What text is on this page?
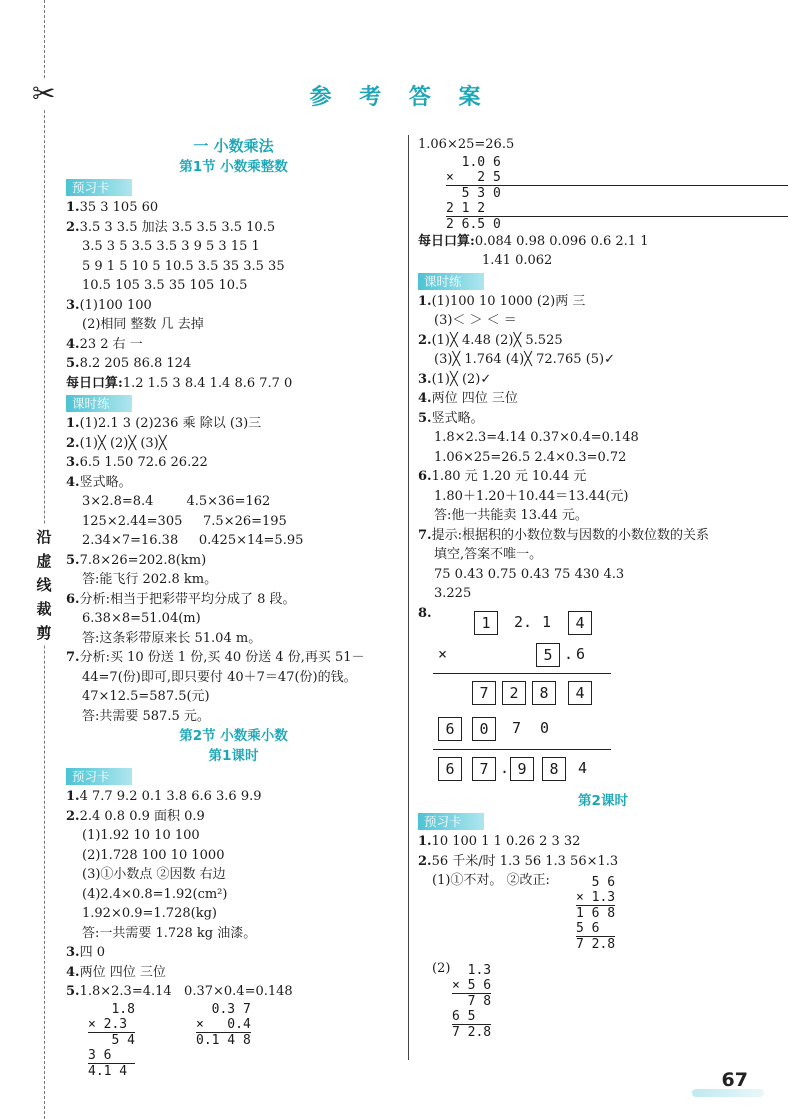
✂
沿
虚
线
裁
剪
参 考 答 案
一 小数乘法
第1节 小数乘整数
预习卡
1.35 3 105 60
2.3.5 3 3.5 加法 3.5 3.5 3.5 10.5
3.5 3 5 3.5 3.5 3 9 5 3 15 1
5 9 1 5 10 5 10.5 3.5 35 3.5 35
10.5 105 3.5 35 105 10.5
3.(1)100 100
(2)相同 整数 几 去掉
4.23 2 右 一
5.8.2 205 86.8 124
每日口算:1.2 1.5 3 8.4 1.4 8.6 7.7 0
课时练
1.(1)2.1 3 (2)236 乘 除以 (3)三
2.(1)╳ (2)╳ (3)╳
3.6.5 1.50 72.6 26.22
4.竖式略。
3×2.8=8.4        4.5×36=162
125×2.44=305     7.5×26=195
2.34×7=16.38     0.425×14=5.95
5.7.8×26=202.8(km)
答:能飞行 202.8 km。
6.分析:相当于把彩带平均分成了 8 段。
6.38×8=51.04(m)
答:这条彩带原来长 51.04 m。
7.分析:买 10 份送 1 份,买 40 份送 4 份,再买 51－
44=7(份)即可,即只要付 40＋7＝47(份)的钱。
47×12.5=587.5(元)
答:共需要 587.5 元。
第2节 小数乘小数
第1课时
预习卡
1.4 7.7 9.2 0.1 3.8 6.6 3.6 9.9
2.2.4 0.8 0.9 面积 0.9
(1)1.92 10 10 100
(2)1.728 100 10 1000
(3)①小数点 ②因数 右边
(4)2.4×0.8=1.92(cm²)
1.92×0.9=1.728(kg)
答:一共需要 1.728 kg 油漆。
3.四 0
4.两位 四位 三位
5.1.8×2.3=4.14   0.37×0.4=0.148
1.8
× 2.3
5 4
3 6
4.1 4
0.3 7
×   0.4
0.1 4 8
1.06×25=26.5
1.0 6
×   2 5
5 3 0
2 1 2
2 6.5 0
每日口算:0.084 0.98 0.096 0.6 2.1 1
1.41 0.062
课时练
1.(1)100 10 1000 (2)两 三
(3)＜ ＞ ＜ ＝
2.(1)╳ 4.48 (2)╳ 5.525
(3)╳ 1.764 (4)╳ 72.765 (5)✓
3.(1)╳ (2)✓
4.两位 四位 三位
5.竖式略。
1.8×2.3=4.14 0.37×0.4=0.148
1.06×25=26.5 2.4×0.3=0.72
6.1.80 元 1.20 元 10.44 元
1.80＋1.20＋10.44＝13.44(元)
答:他一共能卖 13.44 元。
7.提示:根据积的小数位数与因数的小数位数的关系
填空,答案不唯一。
75 0.43 0.75 0.43 75 430 4.3
3.225
8.
1	2. 1	4
×	5 . 6
7	2	8	4
6	0	7 0
6	7 . 9	8	4
第2课时
预习卡
1.10 100 1 1 0.26 2 3 32
2.56 千米/时 1.3 56 1.3 56×1.3
(1)①不对。 ②改正: 5 6
× 1.3
1 6 8
5 6
7 2.8
(2) 1.3
× 5 6
7 8
6 5
7 2.8
67
